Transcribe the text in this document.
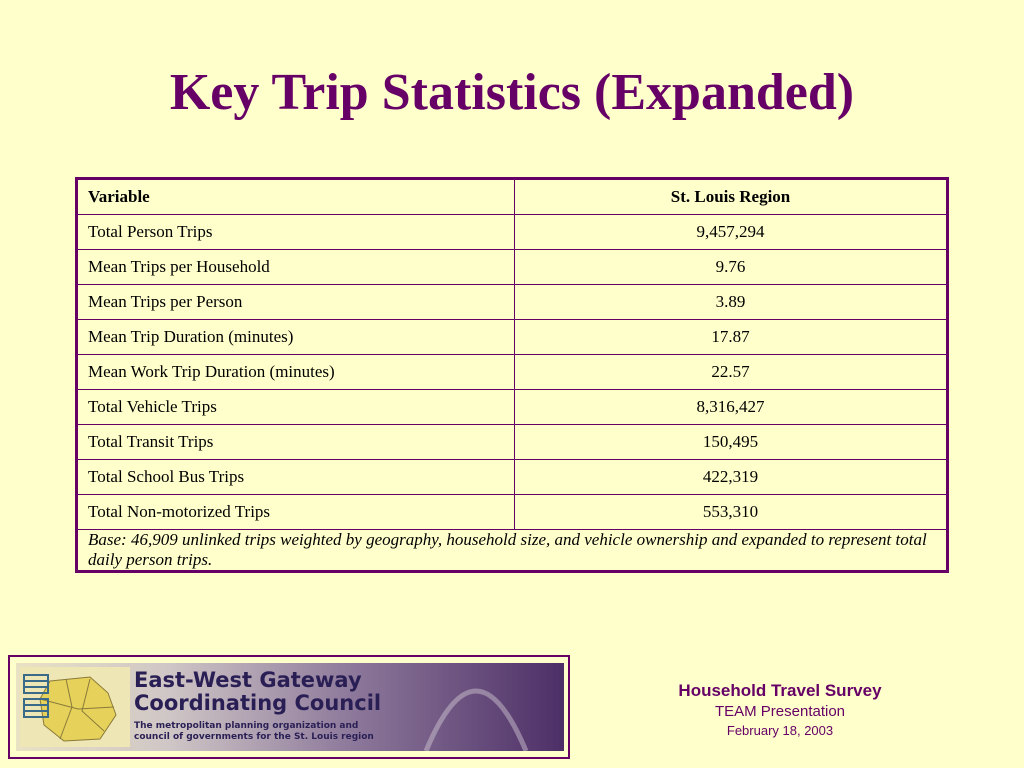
Key Trip Statistics (Expanded)
Variable	St. Louis Region
Total Person Trips	9,457,294
Mean Trips per Household	9.76
Mean Trips per Person	3.89
Mean Trip Duration (minutes)	17.87
Mean Work Trip Duration (minutes)	22.57
Total Vehicle Trips	8,316,427
Total Transit Trips	150,495
Total School Bus Trips	422,319
Total Non-motorized Trips	553,310
Base: 46,909 unlinked trips weighted by geography, household size, and vehicle ownership and expanded to represent total daily person trips.	
East-West Gateway
Coordinating Council
The metropolitan planning organization and
council of governments for the St. Louis region
Household Travel Survey
TEAM Presentation
February 18, 2003
